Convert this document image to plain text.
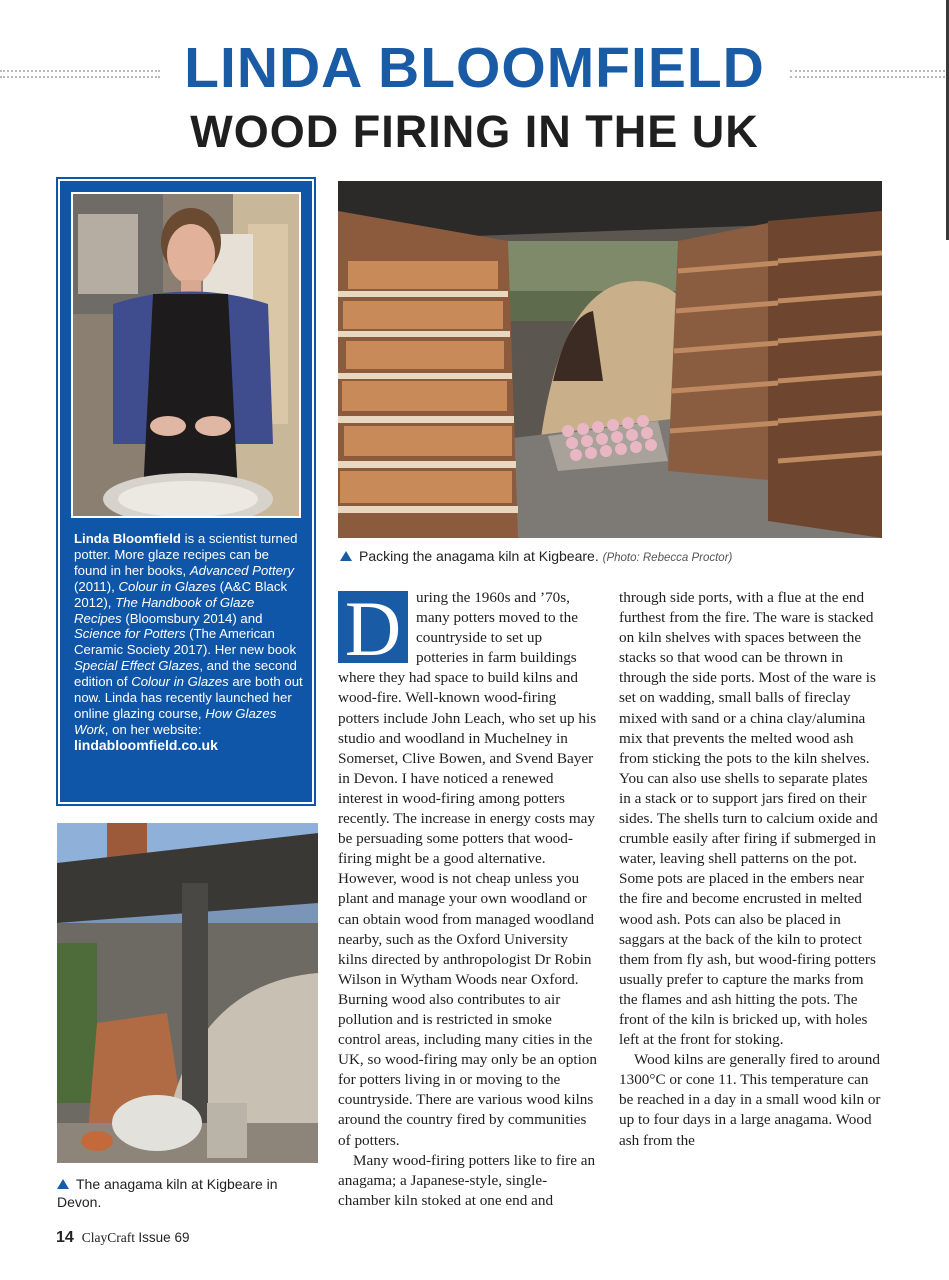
LINDA BLOOMFIELD
WOOD FIRING IN THE UK
Linda Bloomfield is a scientist turned potter. More glaze recipes can be found in her books, Advanced Pottery (2011), Colour in Glazes (A&C Black 2012), The Handbook of Glaze Recipes (Bloomsbury 2014) and Science for Potters (The American Ceramic Society 2017). Her new book Special Effect Glazes, and the second edition of Colour in Glazes are both out now. Linda has recently launched her online glazing course, How Glazes Work, on her website:
lindabloomfield.co.uk
Packing the anagama kiln at Kigbeare. (Photo: Rebecca Proctor)
The anagama kiln at Kigbeare in Devon.

D uring the 1960s and ’70s, many potters moved to the countryside to set up potteries in farm buildings where they had space to build kilns and wood-fire. Well-known wood-firing potters include John Leach, who set up his studio and woodland in Muchelney in Somerset, Clive Bowen, and Svend Bayer in Devon. I have noticed a renewed interest in wood-firing among potters recently. The increase in energy costs may be persuading some potters that wood-firing might be a good alternative. However, wood is not cheap unless you plant and manage your own woodland or can obtain wood from managed woodland nearby, such as the Oxford University kilns directed by anthropologist Dr Robin Wilson in Wytham Woods near Oxford. Burning wood also contributes to air pollution and is restricted in smoke control areas, including many cities in the UK, so wood-firing may only be an option for potters living in or moving to the countryside. There are various wood kilns around the country fired by communities of potters.

Many wood-firing potters like to fire an anagama; a Japanese-style, single-chamber kiln stoked at one end and

through side ports, with a flue at the end furthest from the fire. The ware is stacked on kiln shelves with spaces between the stacks so that wood can be thrown in through the side ports. Most of the ware is set on wadding, small balls of fireclay mixed with sand or a china clay/alumina mix that prevents the melted wood ash from sticking the pots to the kiln shelves. You can also use shells to separate plates in a stack or to support jars fired on their sides. The shells turn to calcium oxide and crumble easily after firing if submerged in water, leaving shell patterns on the pot. Some pots are placed in the embers near the fire and become encrusted in melted wood ash. Pots can also be placed in saggars at the back of the kiln to protect them from fly ash, but wood-firing potters usually prefer to capture the marks from the flames and ash hitting the pots. The front of the kiln is bricked up, with holes left at the front for stoking.

Wood kilns are generally fired to around 1300°C or cone 11. This temperature can be reached in a day in a small wood kiln or up to four days in a large anagama. Wood ash from the

14 ClayCraft Issue 69
